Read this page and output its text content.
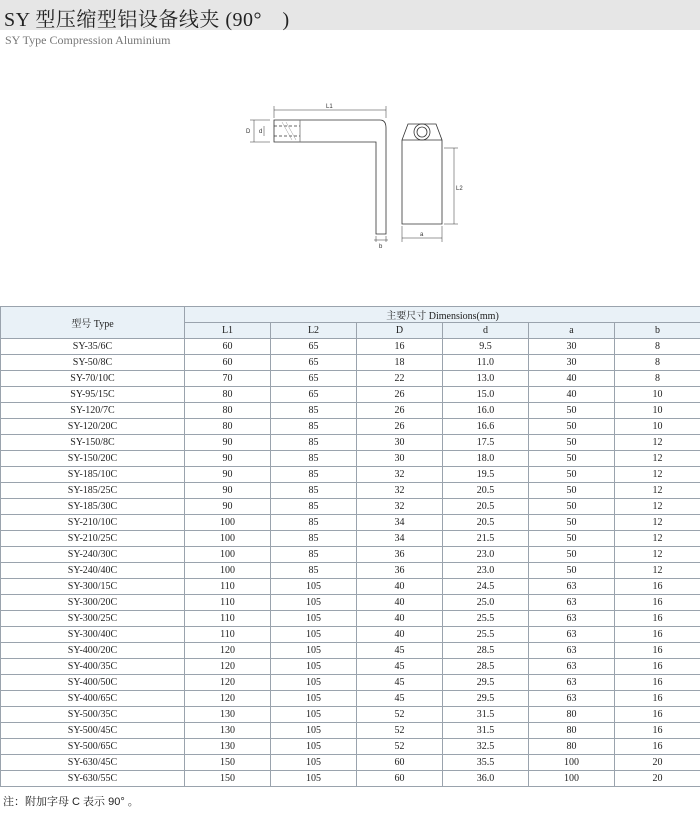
SY 型压缩型铝设备线夹 (90°　)
SY Type Compression Aluminium
L1
D d
b
L2
a
型号 Type	主要尺寸 Dimensions(mm)					
	L1	L2	D	d	a	b
SY-35/6C	60	65	16	9.5	30	8
SY-50/8C	60	65	18	11.0	30	8
SY-70/10C	70	65	22	13.0	40	8
SY-95/15C	80	65	26	15.0	40	10
SY-120/7C	80	85	26	16.0	50	10
SY-120/20C	80	85	26	16.6	50	10
SY-150/8C	90	85	30	17.5	50	12
SY-150/20C	90	85	30	18.0	50	12
SY-185/10C	90	85	32	19.5	50	12
SY-185/25C	90	85	32	20.5	50	12
SY-185/30C	90	85	32	20.5	50	12
SY-210/10C	100	85	34	20.5	50	12
SY-210/25C	100	85	34	21.5	50	12
SY-240/30C	100	85	36	23.0	50	12
SY-240/40C	100	85	36	23.0	50	12
SY-300/15C	110	105	40	24.5	63	16
SY-300/20C	110	105	40	25.0	63	16
SY-300/25C	110	105	40	25.5	63	16
SY-300/40C	110	105	40	25.5	63	16
SY-400/20C	120	105	45	28.5	63	16
SY-400/35C	120	105	45	28.5	63	16
SY-400/50C	120	105	45	29.5	63	16
SY-400/65C	120	105	45	29.5	63	16
SY-500/35C	130	105	52	31.5	80	16
SY-500/45C	130	105	52	31.5	80	16
SY-500/65C	130	105	52	32.5	80	16
SY-630/45C	150	105	60	35.5	100	20
SY-630/55C	150	105	60	36.0	100	20
注：附加字母 C 表示 90° 。
